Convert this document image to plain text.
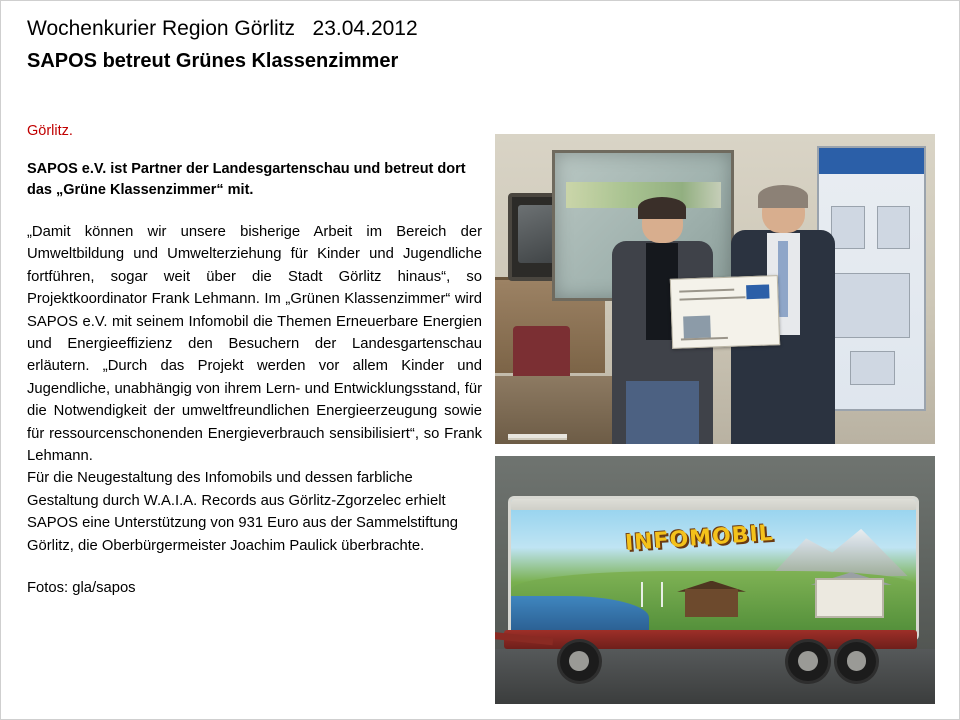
Wochenkurier Region Görlitz   23.04.2012
SAPOS betreut Grünes Klassenzimmer
Görlitz.
SAPOS e.V. ist Partner der Landesgartenschau und betreut dort das „Grüne Klassenzimmer“ mit.

„Damit können wir unsere bisherige Arbeit im Bereich der Umweltbildung und Umwelterziehung für Kinder und Jugendliche fortführen, sogar weit über die Stadt Görlitz hinaus“, so Projektkoordinator Frank Lehmann. Im „Grünen Klassenzimmer“ wird SAPOS e.V. mit seinem Infomobil die Themen Erneuerbare Energien und Energieeffizienz den Besuchern der Landesgartenschau erläutern. „Durch das Projekt werden vor allem Kinder und Jugendliche, unabhängig von ihrem Lern- und Entwicklungsstand, für die Notwendigkeit der umweltfreundlichen Energieerzeugung sowie für ressourcenschonenden Energieverbrauch sensibilisiert“, so Frank Lehmann.

Für die Neugestaltung des Infomobils und dessen farbliche Gestaltung durch W.A.I.A. Records aus Görlitz-Zgorzelec erhielt SAPOS eine Unterstützung von 931 Euro aus der Sammelstiftung Görlitz, die Oberbürgermeister Joachim Paulick überbrachte.

Fotos: gla/sapos
INFOMOBIL
